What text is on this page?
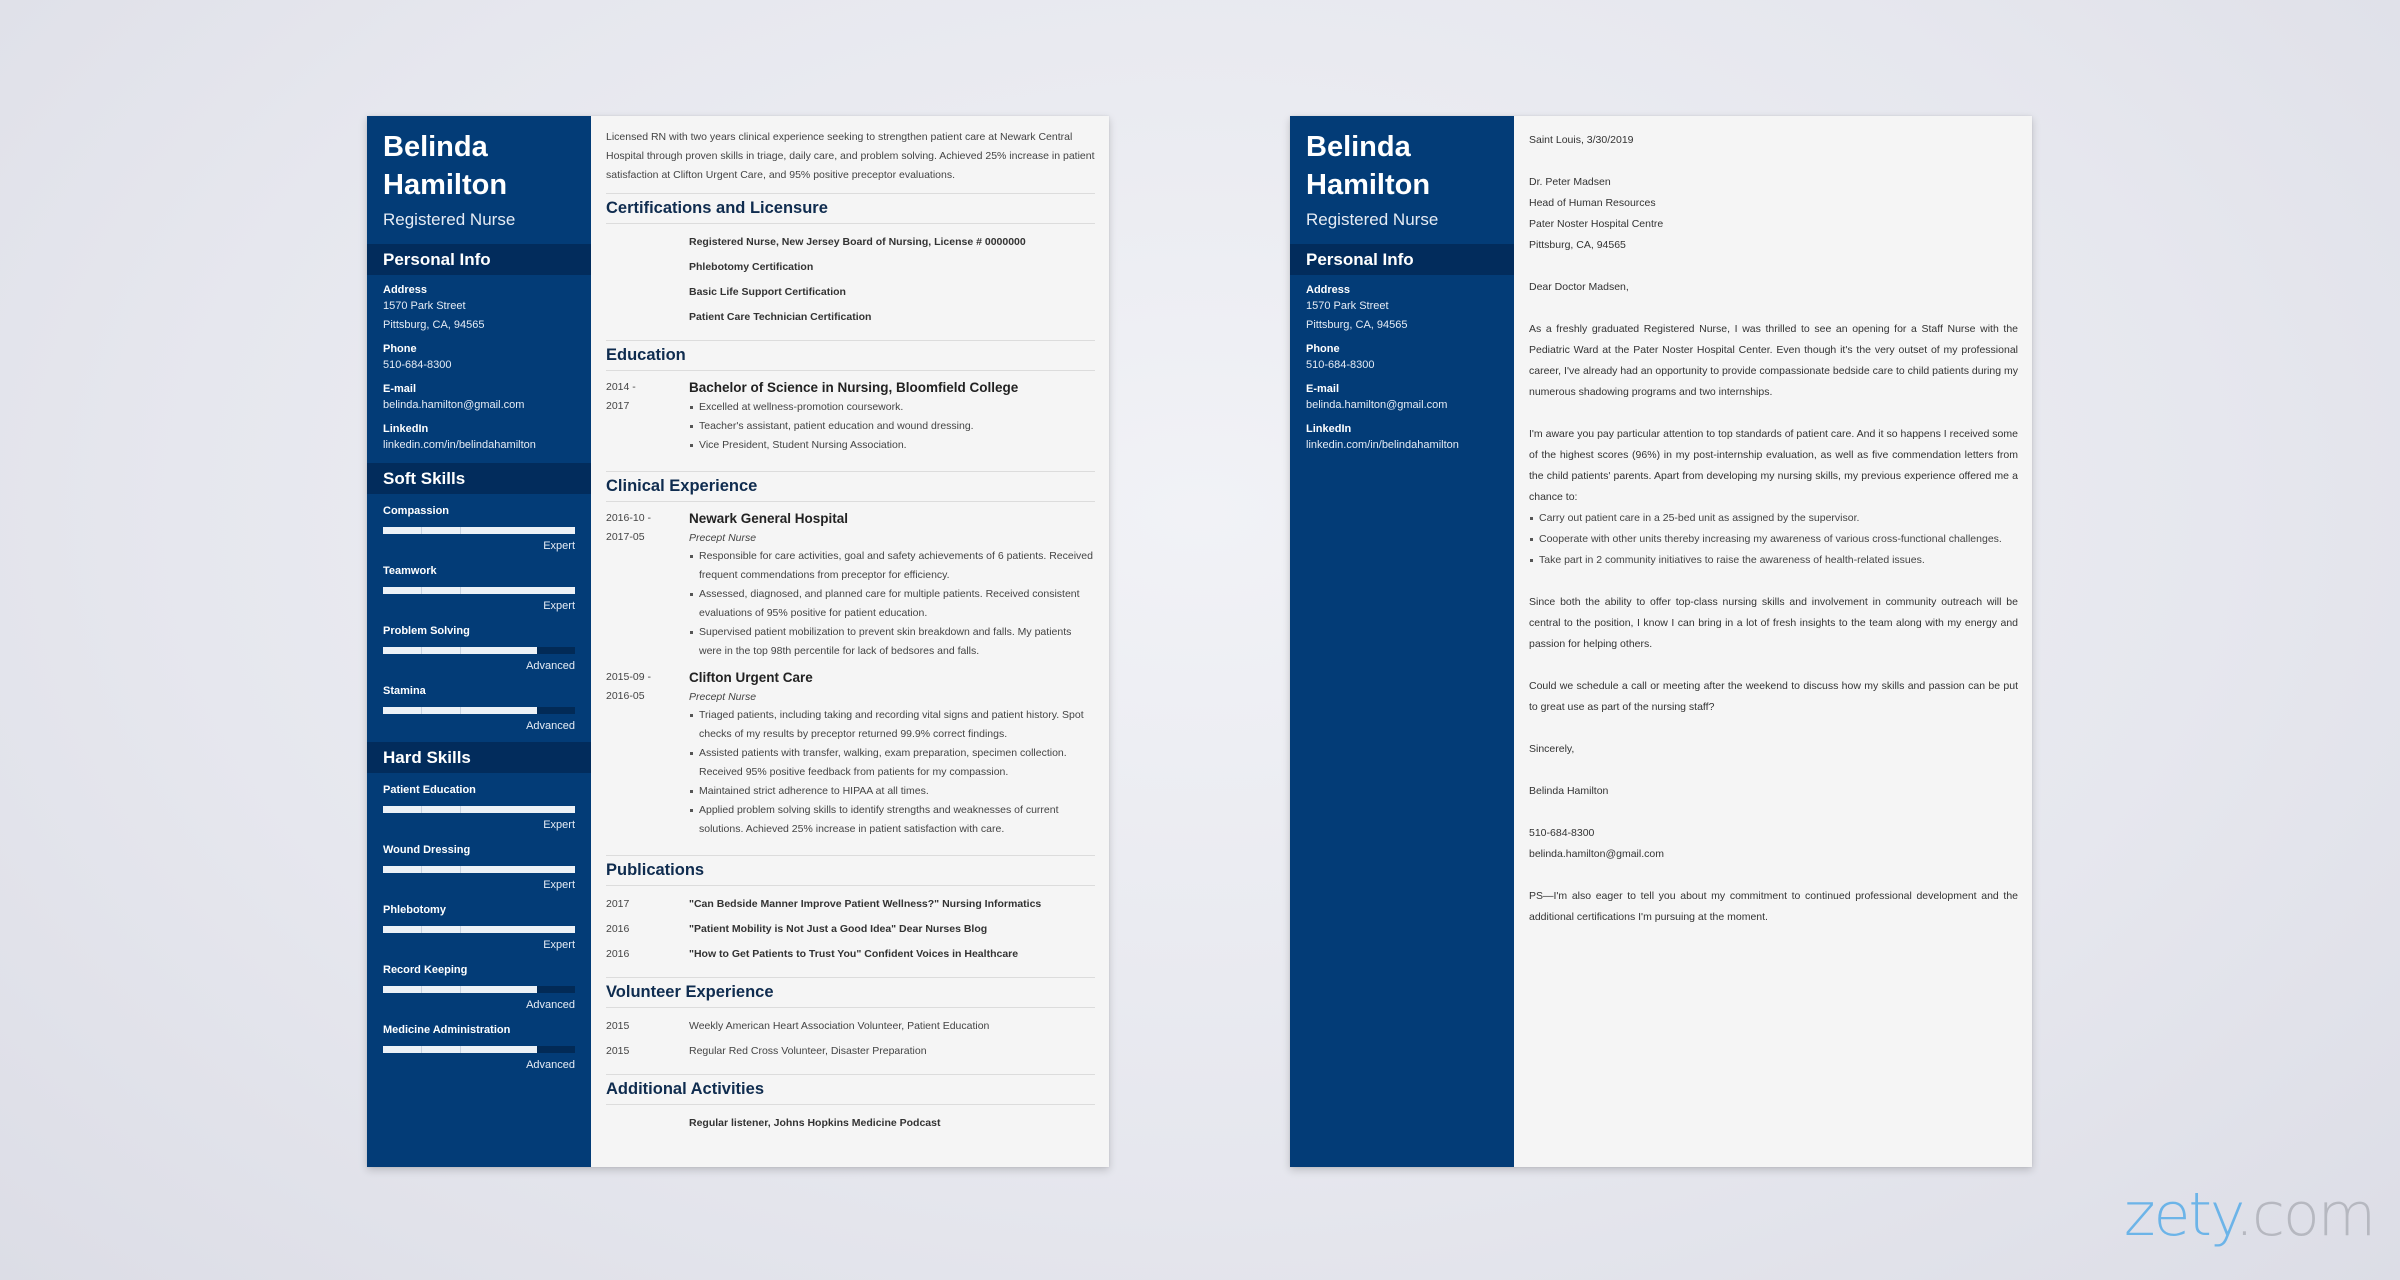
Belinda Hamilton
Registered Nurse
Personal Info
Address
1570 Park Street
Pittsburg, CA, 94565
Phone
510-684-8300
E-mail
belinda.hamilton@gmail.com
LinkedIn
linkedin.com/in/belindahamilton
Soft Skills
Compassion
Expert
Teamwork
Expert
Problem Solving
Advanced
Stamina
Advanced
Hard Skills
Patient Education
Expert
Wound Dressing
Expert
Phlebotomy
Expert
Record Keeping
Advanced
Medicine Administration
Advanced
Licensed RN with two years clinical experience seeking to strengthen patient care at Newark Central Hospital through proven skills in triage, daily care, and problem solving. Achieved 25% increase in patient satisfaction at Clifton Urgent Care, and 95% positive preceptor evaluations.
Certifications and Licensure
Registered Nurse, New Jersey Board of Nursing, License # 0000000
Phlebotomy Certification
Basic Life Support Certification
Patient Care Technician Certification
Education
2014 -
2017
Bachelor of Science in Nursing, Bloomfield College
Excelled at wellness-promotion coursework.
Teacher's assistant, patient education and wound dressing.
Vice President, Student Nursing Association.
Clinical Experience
2016-10 -
2017-05
Newark General Hospital
Precept Nurse
Responsible for care activities, goal and safety achievements of 6 patients. Received frequent commendations from preceptor for efficiency.
Assessed, diagnosed, and planned care for multiple patients. Received consistent evaluations of 95% positive for patient education.
Supervised patient mobilization to prevent skin breakdown and falls. My patients were in the top 98th percentile for lack of bedsores and falls.
2015-09 -
2016-05
Clifton Urgent Care
Precept Nurse
Triaged patients, including taking and recording vital signs and patient history. Spot checks of my results by preceptor returned 99.9% correct findings.
Assisted patients with transfer, walking, exam preparation, specimen collection. Received 95% positive feedback from patients for my compassion.
Maintained strict adherence to HIPAA at all times.
Applied problem solving skills to identify strengths and weaknesses of current solutions. Achieved 25% increase in patient satisfaction with care.
Publications
2017	"Can Bedside Manner Improve Patient Wellness?" Nursing Informatics
2016	"Patient Mobility is Not Just a Good Idea" Dear Nurses Blog
2016	"How to Get Patients to Trust You" Confident Voices in Healthcare
Volunteer Experience
2015	Weekly American Heart Association Volunteer, Patient Education
2015	Regular Red Cross Volunteer, Disaster Preparation
Additional Activities
Regular listener, Johns Hopkins Medicine Podcast
Belinda Hamilton
Registered Nurse
Personal Info
Address
1570 Park Street
Pittsburg, CA, 94565
Phone
510-684-8300
E-mail
belinda.hamilton@gmail.com
LinkedIn
linkedin.com/in/belindahamilton
Saint Louis, 3/30/2019
Dr. Peter Madsen
Head of Human Resources
Pater Noster Hospital Centre
Pittsburg, CA, 94565
Dear Doctor Madsen,

As a freshly graduated Registered Nurse, I was thrilled to see an opening for a Staff Nurse with the Pediatric Ward at the Pater Noster Hospital Center. Even though it's the very outset of my professional career, I've already had an opportunity to provide compassionate bedside care to child patients during my numerous shadowing programs and two internships.

I'm aware you pay particular attention to top standards of patient care. And it so happens I received some of the highest scores (96%) in my post-internship evaluation, as well as five commendation letters from the child patients' parents. Apart from developing my nursing skills, my previous experience offered me a chance to:

Carry out patient care in a 25-bed unit as assigned by the supervisor.
Cooperate with other units thereby increasing my awareness of various cross-functional challenges.
Take part in 2 community initiatives to raise the awareness of health-related issues.

Since both the ability to offer top-class nursing skills and involvement in community outreach will be central to the position, I know I can bring in a lot of fresh insights to the team along with my energy and passion for helping others.

Could we schedule a call or meeting after the weekend to discuss how my skills and passion can be put to great use as part of the nursing staff?

Sincerely,
Belinda Hamilton
510-684-8300
belinda.hamilton@gmail.com

PS—I'm also eager to tell you about my commitment to continued professional development and the additional certifications I'm pursuing at the moment.

zety.com
